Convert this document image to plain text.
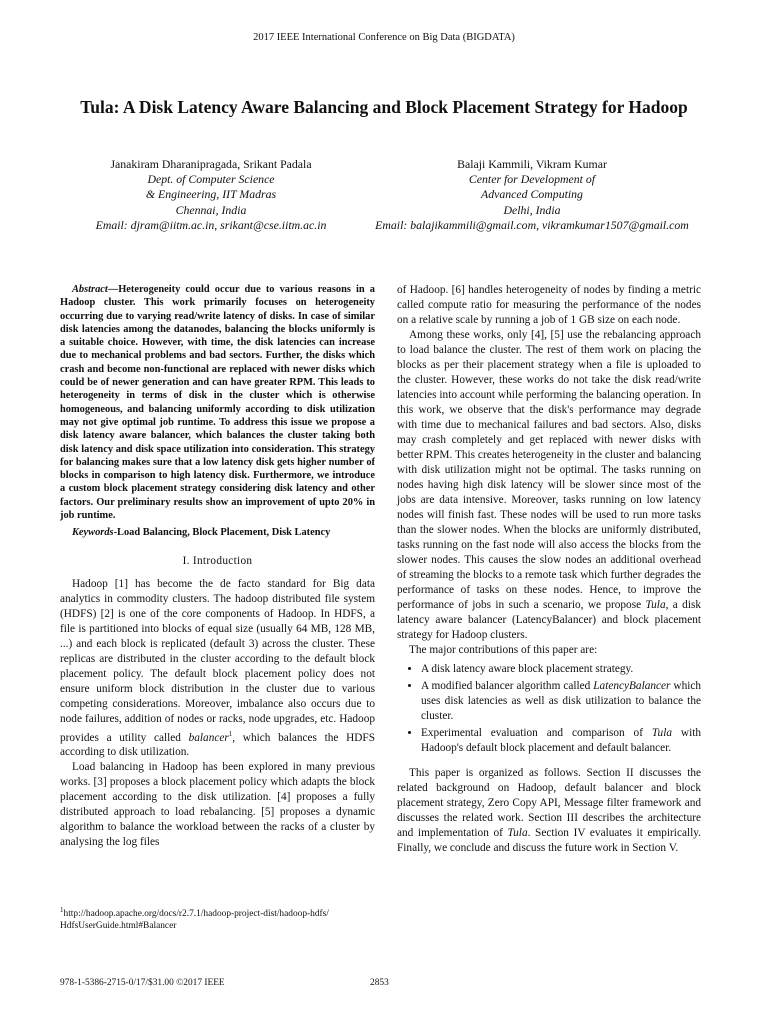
2017 IEEE International Conference on Big Data (BIGDATA)
Tula: A Disk Latency Aware Balancing and Block Placement Strategy for Hadoop
Janakiram Dharanipragada, Srikant Padala
Dept. of Computer Science
& Engineering, IIT Madras
Chennai, India
Email: djram@iitm.ac.in, srikant@cse.iitm.ac.in
Balaji Kammili, Vikram Kumar
Center for Development of
Advanced Computing
Delhi, India
Email: balajikammili@gmail.com, vikramkumar1507@gmail.com

Abstract—Heterogeneity could occur due to various reasons in a Hadoop cluster. This work primarily focuses on heterogeneity occurring due to varying read/write latency of disks. In case of similar disk latencies among the datanodes, balancing the blocks uniformly is a suitable choice. However, with time, the disk latencies can increase due to mechanical problems and bad sectors. Further, the disks which crash and become non-functional are replaced with newer disks which could be of newer generation and can have greater RPM. This leads to heterogeneity in terms of disk in the cluster which is otherwise homogeneous, and balancing uniformly according to disk utilization may not give optimal job runtime. To address this issue we propose a disk latency aware balancer, which balances the cluster taking both disk latency and disk space utilization into consideration. This strategy for balancing makes sure that a low latency disk gets higher number of blocks in comparison to high latency disk. Furthermore, we introduce a custom block placement strategy considering disk latency and other factors. Our preliminary results show an improvement of upto 20% in job runtime.

Keywords-Load Balancing, Block Placement, Disk Latency

I. Introduction

Hadoop [1] has become the de facto standard for Big data analytics in commodity clusters. The hadoop distributed file system (HDFS) [2] is one of the core components of Hadoop. In HDFS, a file is partitioned into blocks of equal size (usually 64 MB, 128 MB, ...) and each block is replicated (default 3) across the cluster. These replicas are distributed in the cluster according to the default block placement policy. The default block placement policy does not ensure uniform block distribution in the cluster due to various competing considerations. Moreover, imbalance also occurs due to node failures, addition of nodes or racks, node upgrades, etc. Hadoop provides a utility called balancer$^1$, which balances the HDFS according to disk utilization.

Load balancing in Hadoop has been explored in many previous works. [3] proposes a block placement policy which adapts the block placement according to the disk utilization. [4] proposes a fully distributed approach to load rebalancing. [5] proposes a dynamic algorithm to balance the workload between the racks of a cluster by analysing the log files

$^1$http://hadoop.apache.org/docs/r2.7.1/hadoop-project-dist/hadoop-hdfs/ HdfsUserGuide.html#Balancer

of Hadoop. [6] handles heterogeneity of nodes by finding a metric called compute ratio for measuring the performance of the nodes on a relative scale by running a job of 1 GB size on each node.

Among these works, only [4], [5] use the rebalancing approach to load balance the cluster. The rest of them work on placing the blocks as per their placement strategy when a file is uploaded to the cluster. However, these works do not take the disk read/write latencies into account while performing the balancing operation. In this work, we observe that the disk's performance may degrade with time due to mechanical failures and bad sectors. Also, disks may crash completely and get replaced with newer disks with better RPM. This creates heterogeneity in the cluster and balancing with disk utilization might not be optimal. The tasks running on nodes having high disk latency will be slower since most of the jobs are data intensive. Moreover, tasks running on low latency nodes will finish fast. These nodes will be used to run more tasks than the slower nodes. When the blocks are uniformly distributed, tasks running on the fast node will also access the blocks from the slower nodes. This causes the slow nodes an additional overhead of streaming the blocks to a remote task which further degrades the performance of tasks on these nodes. Hence, to improve the performance of jobs in such a scenario, we propose Tula, a disk latency aware balancer (LatencyBalancer) and block placement strategy for Hadoop clusters.

The major contributions of this paper are:

• A disk latency aware block placement strategy.
• A modified balancer algorithm called LatencyBalancer which uses disk latencies as well as disk utilization to balance the cluster.
• Experimental evaluation and comparison of Tula with Hadoop's default block placement and default balancer.

This paper is organized as follows. Section II discusses the related background on Hadoop, default balancer and block placement strategy, Zero Copy API, Message filter framework and discusses the related work. Section III describes the architecture and implementation of Tula. Section IV evaluates it empirically. Finally, we conclude and discuss the future work in Section V.

978-1-5386-2715-0/17/$31.00 ©2017 IEEE	2853
